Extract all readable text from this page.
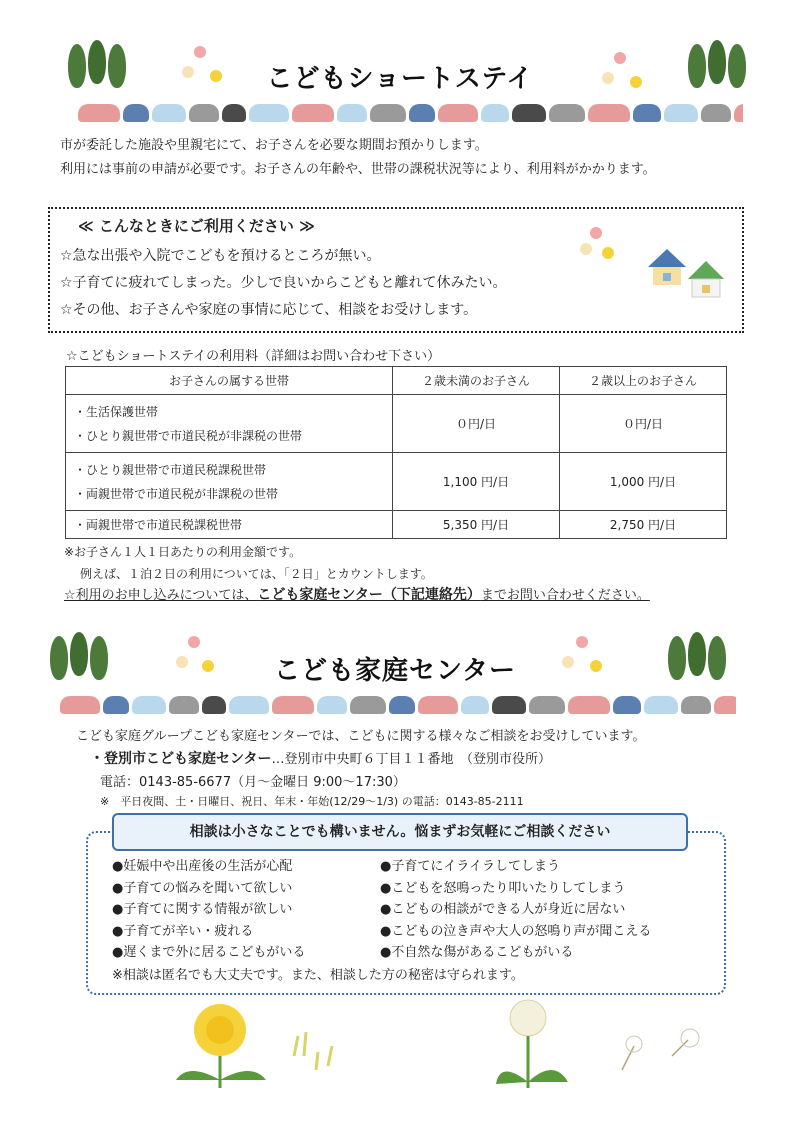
こどもショートステイ
市が委託した施設や里親宅にて、お子さんを必要な期間お預かりします。
利用には事前の申請が必要です。お子さんの年齢や、世帯の課税状況等により、利用料がかかります。
≪ こんなときにご利用ください ≫
☆急な出張や入院でこどもを預けるところが無い。
☆子育てに疲れてしまった。少しで良いからこどもと離れて休みたい。
☆その他、お子さんや家庭の事情に応じて、相談をお受けします。
☆こどもショートステイの利用料（詳細はお問い合わせ下さい）
お子さんの属する世帯	２歳未満のお子さん	２歳以上のお子さん

・生活保護世帯
・ひとり親世帯で市道民税が非課税の世帯	０円/日	０円/日

・ひとり親世帯で市道民税課税世帯
・両親世帯で市道民税が非課税の世帯	1,100 円/日	1,000 円/日
・両親世帯で市道民税課税世帯	5,350 円/日	2,750 円/日
※お子さん１人１日あたりの利用金額です。
例えば、１泊２日の利用については、「２日」とカウントします。
☆利用のお申し込みについては、こども家庭センター（下記連絡先）までお問い合わせください。
こども家庭センター
こども家庭グループこども家庭センターでは、こどもに関する様々なご相談をお受けしています。
・登別市こども家庭センター…登別市中央町６丁目１１番地　（登別市役所）
電話：0143-85-6677（月～金曜日 9:00～17:30）
※　平日夜間、土・日曜日、祝日、年末・年始(12/29～1/3) の電話：0143-85-2111
相談は小さなことでも構いません。悩まずお気軽にご相談ください
●妊娠中や出産後の生活が心配
●子育ての悩みを聞いて欲しい
●子育てに関する情報が欲しい
●子育てが辛い・疲れる
●遅くまで外に居るこどもがいる
●子育てにイライラしてしまう
●こどもを怒鳴ったり叩いたりしてしまう
●こどもの相談ができる人が身近に居ない
●こどもの泣き声や大人の怒鳴り声が聞こえる
●不自然な傷があるこどもがいる
※相談は匿名でも大丈夫です。また、相談した方の秘密は守られます。
